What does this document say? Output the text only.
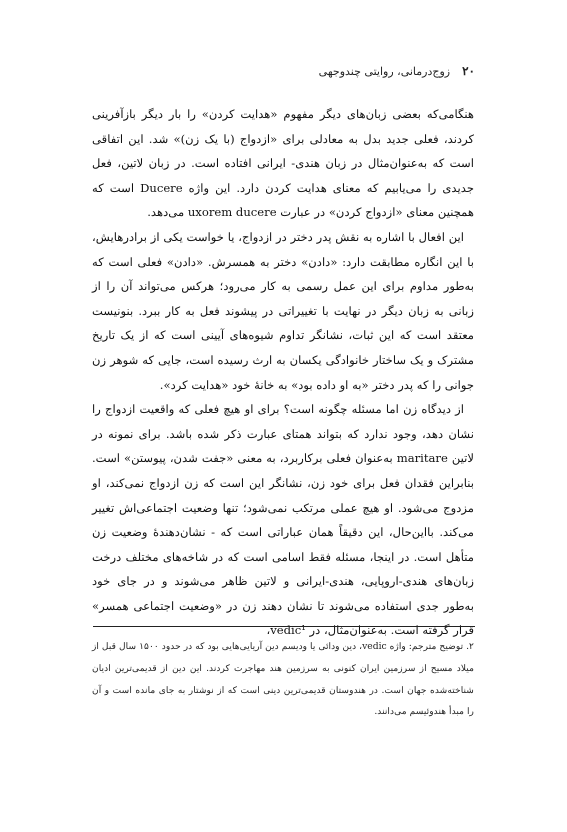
۲۰
زوج‌درمانی، روایتی چندوجهی

هنگامی‌که بعضی زبان‌های دیگر مفهوم «هدایت کردن» را بار دیگر بازآفرینی کردند، فعلی جدید بدل به معادلی برای «ازدواج (با یک زن)» شد. این اتفاقی است که به‌عنوان‌مثال در زبان هندی- ایرانی افتاده است. در زبان لاتین، فعل جدیدی را می‌یابیم که معنای هدایت کردن دارد. این واژه Ducere است که همچنین معنای «ازدواج کردن» در عبارت uxorem ducere می‌دهد.

این افعال با اشاره به نقش پدر دختر در ازدواج، یا خواست یکی از برادرهایش، با این انگاره مطابقت دارد: «دادن» دختر به همسرش. «دادن» فعلی است که به‌طور مداوم برای این عمل رسمی به کار می‌رود؛ هرکس می‌تواند آن را از زبانی به زبان دیگر در نهایت با تغییراتی در پیشوند فعل به کار ببرد. بنونیست معتقد است که این ثبات، نشانگر تداوم شیوه‌های آیینی است که از یک تاریخ مشترک و یک ساختار خانوادگی یکسان به ارث رسیده است، جایی که شوهر زن جوانی را که پدر دختر «به او داده بود» به خانهٔ خود «هدایت کرد».

از دیدگاه زن اما مسئله چگونه است؟ برای او هیچ فعلی که واقعیت ازدواج را نشان دهد، وجود ندارد که بتواند همتای عبارت ذکر شده باشد. برای نمونه در لاتین maritare به‌عنوان فعلی برکاربرد، به معنی «جفت شدن، پیوستن» است. بنابراین فقدان فعل برای خود زن، نشانگر این است که زن ازدواج نمی‌کند، او مزدوج می‌شود. او هیچ عملی مرتکب نمی‌شود؛ تنها وضعیت اجتماعی‌اش تغییر می‌کند. بااین‌حال، این دقیقاً همان عباراتی است که - نشان‌دهندهٔ وضعیت زن متأهل است. در اینجا، مسئله فقط اسامی است که در شاخه‌های مختلف درخت زبان‌های هندی-اروپایی، هندی-ایرانی و لاتین ظاهر می‌شوند و در جای خود به‌طور جدی استفاده می‌شوند تا نشان دهند زن در «وضعیت اجتماعی همسر» قرار گرفته است. به‌عنوان‌مثال، در vedic¹،

۲. توضیح مترجم: واژه vedic، دین ودائی یا ودیسم دین آریایی‌هایی بود که در حدود ۱۵۰۰ سال قبل از میلاد مسیح از سرزمین ایران کنونی به سرزمین هند مهاجرت کردند. این دین از قدیمی‌ترین ادیان شناخته‌شده جهان است. در هندوستان قدیمی‌ترین دینی است که از نوشتار به جای مانده است و آن را مبدأ هندوئیسم می‌دانند.
